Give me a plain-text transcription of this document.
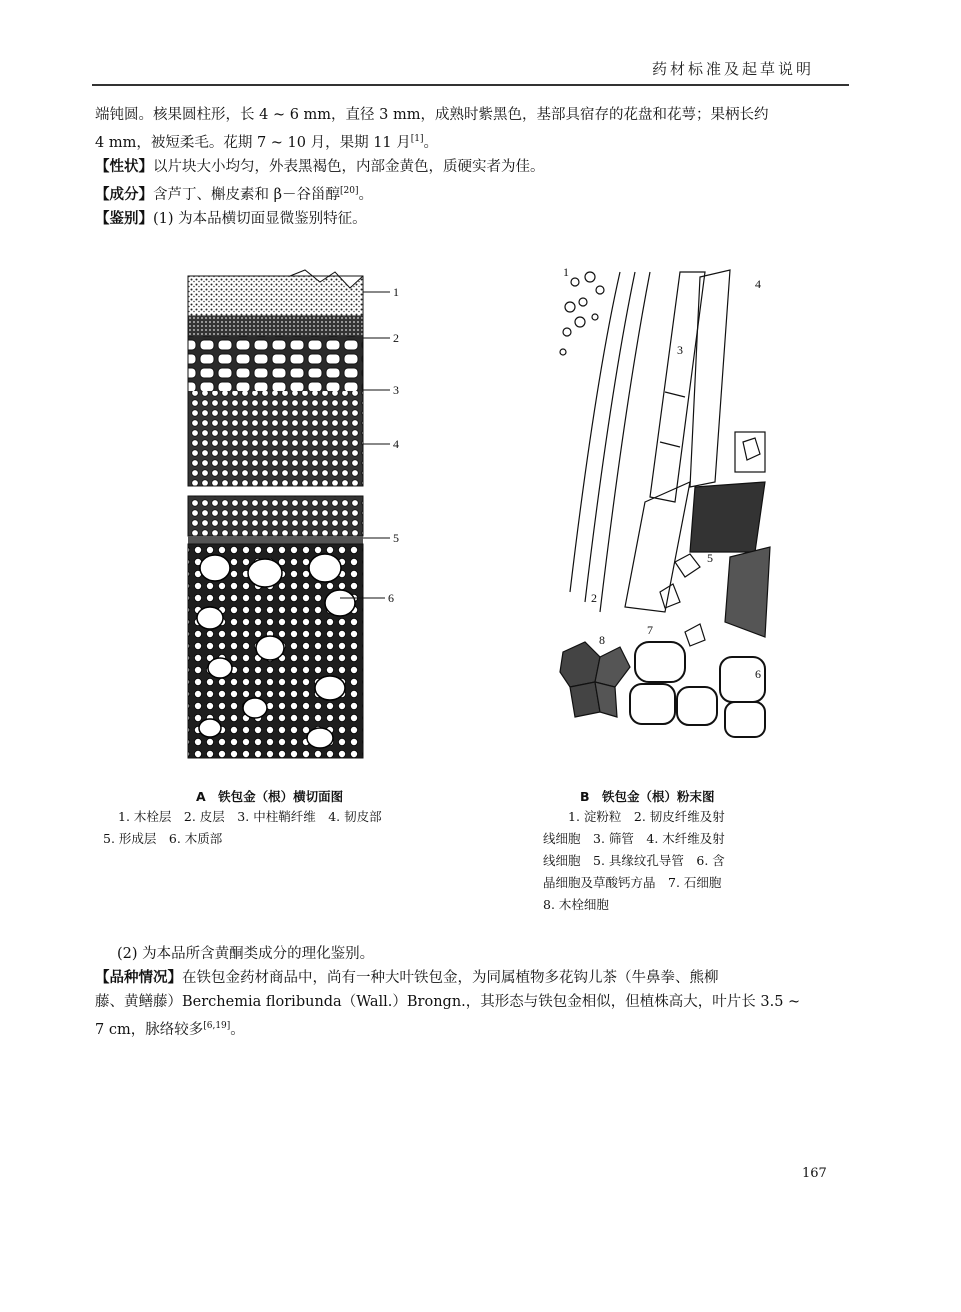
药材标准及起草说明
端钝圆。核果圆柱形，长 4 ~ 6 mm，直径 3 mm，成熟时紫黑色，基部具宿存的花盘和花萼；果柄长约
4 mm，被短柔毛。花期 7 ~ 10 月，果期 11 月[1]。
【性状】以片块大小均匀，外表黑褐色，内部金黄色，质硬实者为佳。
【成分】含芦丁、槲皮素和 β－谷甾醇[20]。
【鉴别】(1) 为本品横切面显微鉴别特征。
1
2
3
4
5
6
1
2
3
4
5
6
7
8
A　铁包金（根）横切面图
1. 木栓层　2. 皮层　3. 中柱鞘纤维　4. 韧皮部
5. 形成层　6. 木质部
B　铁包金（根）粉末图
1. 淀粉粒　2. 韧皮纤维及射
线细胞　3. 筛管　4. 木纤维及射
线细胞　5. 具缘纹孔导管　6. 含
晶细胞及草酸钙方晶　7. 石细胞
8. 木栓细胞
(2) 为本品所含黄酮类成分的理化鉴别。
【品种情况】在铁包金药材商品中，尚有一种大叶铁包金，为同属植物多花钩儿茶（牛鼻拳、熊柳
藤、黄鳝藤）Berchemia floribunda（Wall.）Brongn.，其形态与铁包金相似，但植株高大，叶片长 3.5 ~
7 cm，脉络较多[6,19]。
167
